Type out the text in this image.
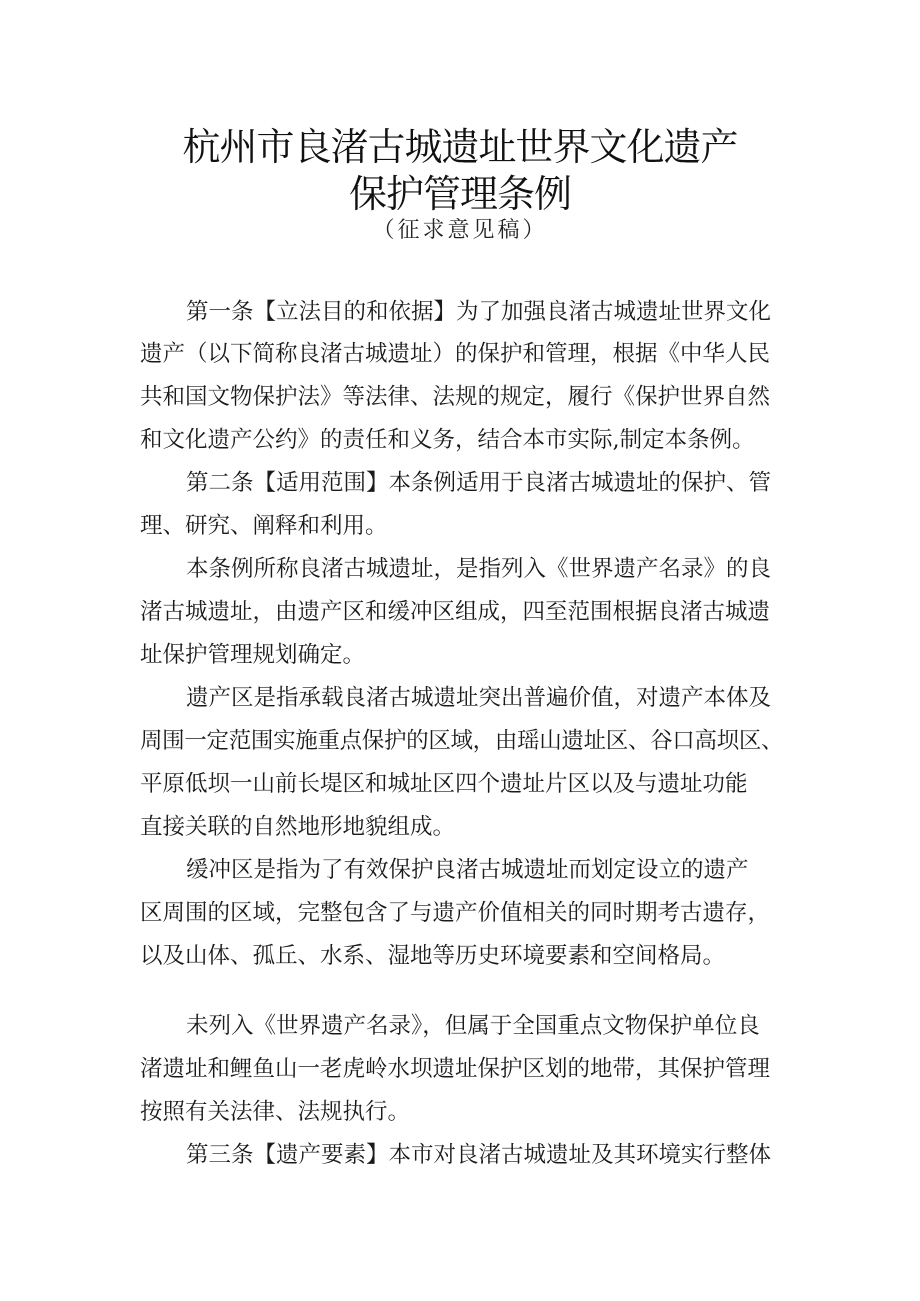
杭州市良渚古城遗址世界文化遗产
保护管理条例
（征求意见稿）
第一条【立法目的和依据】为了加强良渚古城遗址世界文化
遗产（以下简称良渚古城遗址）的保护和管理，根据《中华人民
共和国文物保护法》等法律、法规的规定，履行《保护世界自然
和文化遗产公约》的责任和义务，结合本市实际,制定本条例。
第二条【适用范围】本条例适用于良渚古城遗址的保护、管
理、研究、阐释和利用。
本条例所称良渚古城遗址，是指列入《世界遗产名录》的良
渚古城遗址，由遗产区和缓冲区组成，四至范围根据良渚古城遗
址保护管理规划确定。
遗产区是指承载良渚古城遗址突出普遍价值，对遗产本体及
周围一定范围实施重点保护的区域，由瑶山遗址区、谷口高坝区、
平原低坝一山前长堤区和城址区四个遗址片区以及与遗址功能
直接关联的自然地形地貌组成。
缓冲区是指为了有效保护良渚古城遗址而划定设立的遗产
区周围的区域，完整包含了与遗产价值相关的同时期考古遗存，
以及山体、孤丘、水系、湿地等历史环境要素和空间格局。
未列入《世界遗产名录》，但属于全国重点文物保护单位良
渚遗址和鲤鱼山一老虎岭水坝遗址保护区划的地带，其保护管理
按照有关法律、法规执行。
第三条【遗产要素】本市对良渚古城遗址及其环境实行整体
